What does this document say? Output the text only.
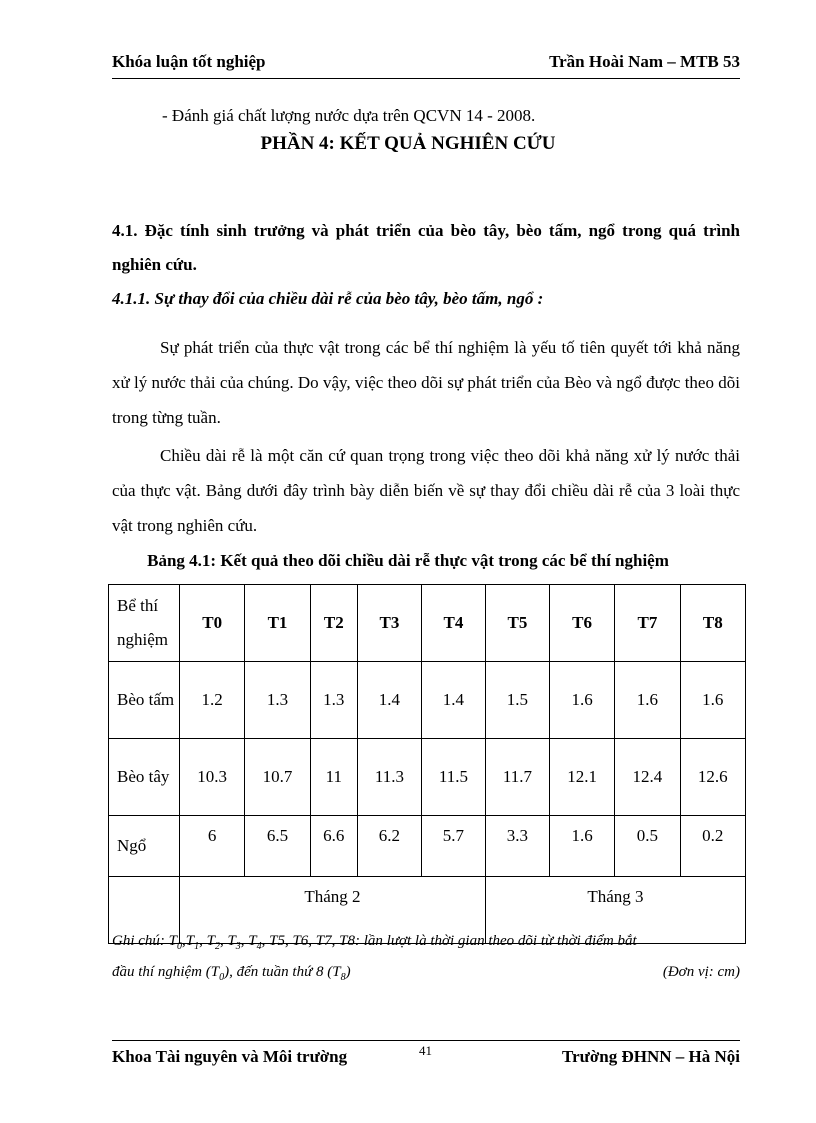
Khóa luận tốt nghiệp	Trần Hoài Nam – MTB 53
- Đánh giá chất lượng nước dựa trên QCVN 14 - 2008.
PHẦN 4: KẾT QUẢ NGHIÊN CỨU
4.1. Đặc tính sinh trưởng và phát triển của bèo tây, bèo tấm, ngổ trong quá trình nghiên cứu.
4.1.1. Sự thay đổi của chiều dài rễ của bèo tây, bèo tấm, ngổ :
Sự phát triển của thực vật trong các bể thí nghiệm là yếu tố tiên quyết tới khả năng xử lý nước thải của chúng. Do vậy, việc theo dõi sự phát triển của Bèo và ngổ được theo dõi trong từng tuần.
Chiều dài rễ là một căn cứ quan trọng trong việc theo dõi khả năng xử lý nước thải của thực vật. Bảng dưới đây trình bày diễn biến về sự thay đổi chiều dài rễ của 3 loài thực vật trong nghiên cứu.
Bảng 4.1: Kết quả theo dõi chiều dài rễ thực vật trong các bể thí nghiệm
Bể thí nghiệm	T0	T1	T2	T3	T4	T5	T6	T7	T8
Bèo tấm	1.2	1.3	1.3	1.4	1.4	1.5	1.6	1.6	1.6
Bèo tây	10.3	10.7	11	11.3	11.5	11.7	12.1	12.4	12.6
Ngổ	6	6.5	6.6	6.2	5.7	3.3	1.6	0.5	0.2
	Tháng 2					Tháng 3			
Ghi chú: $T_0,T_1$, $T_2$, $T_3$, $T_4$, T5, T6, T7, T8: lần lượt là thời gian theo dõi từ thời điểm bắt
đầu thí nghiệm $(T_0)$, đến tuần thứ 8 $(T_8)$	(Đơn vị: cm)
Khoa Tài nguyên và Môi trường	41	Trường ĐHNN – Hà Nội
